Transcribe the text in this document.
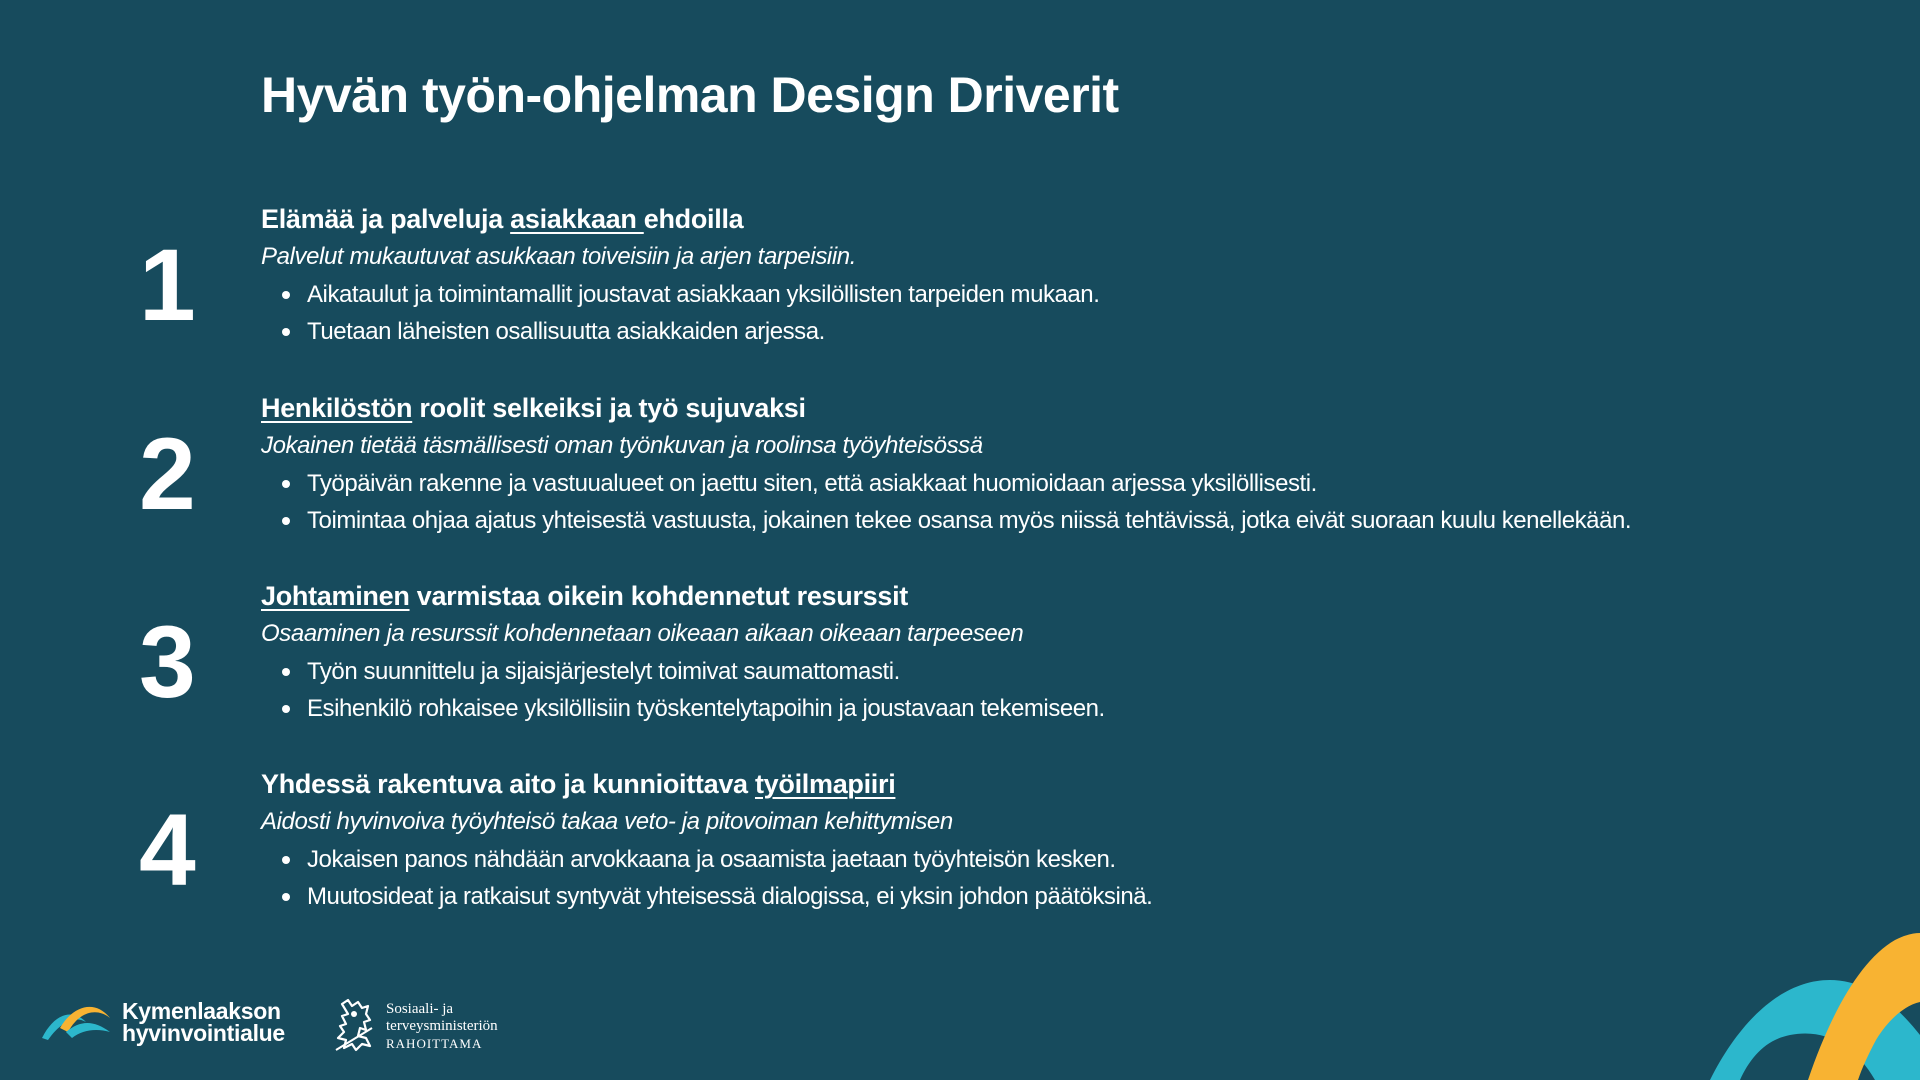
Hyvän työn-ohjelman Design Driverit
1
Elämää ja palveluja asiakkaan ehdoilla
Palvelut mukautuvat asukkaan toiveisiin ja arjen tarpeisiin.
Aikataulut ja toimintamallit joustavat asiakkaan yksilöllisten tarpeiden mukaan.
Tuetaan läheisten osallisuutta asiakkaiden arjessa.
2
Henkilöstön roolit selkeiksi ja työ sujuvaksi
Jokainen tietää täsmällisesti oman työnkuvan ja roolinsa työyhteisössä
Työpäivän rakenne ja vastuualueet on jaettu siten, että asiakkaat huomioidaan arjessa yksilöllisesti.
Toimintaa ohjaa ajatus yhteisestä vastuusta, jokainen tekee osansa myös niissä tehtävissä, jotka eivät suoraan kuulu kenellekään.
3
Johtaminen varmistaa oikein kohdennetut resurssit
Osaaminen ja resurssit kohdennetaan oikeaan aikaan oikeaan tarpeeseen
Työn suunnittelu ja sijaisjärjestelyt toimivat saumattomasti.
Esihenkilö rohkaisee yksilöllisiin työskentelytapoihin ja joustavaan tekemiseen.
4
Yhdessä rakentuva aito ja kunnioittava työilmapiiri
Aidosti hyvinvoiva työyhteisö takaa veto- ja pitovoiman kehittymisen
Jokaisen panos nähdään arvokkaana ja osaamista jaetaan työyhteisön kesken.
Muutosideat ja ratkaisut syntyvät yhteisessä dialogissa, ei yksin johdon päätöksinä.
Kymenlaakson
hyvinvointialue
Sosiaali- ja
terveysministeriön
RAHOITTAMA
